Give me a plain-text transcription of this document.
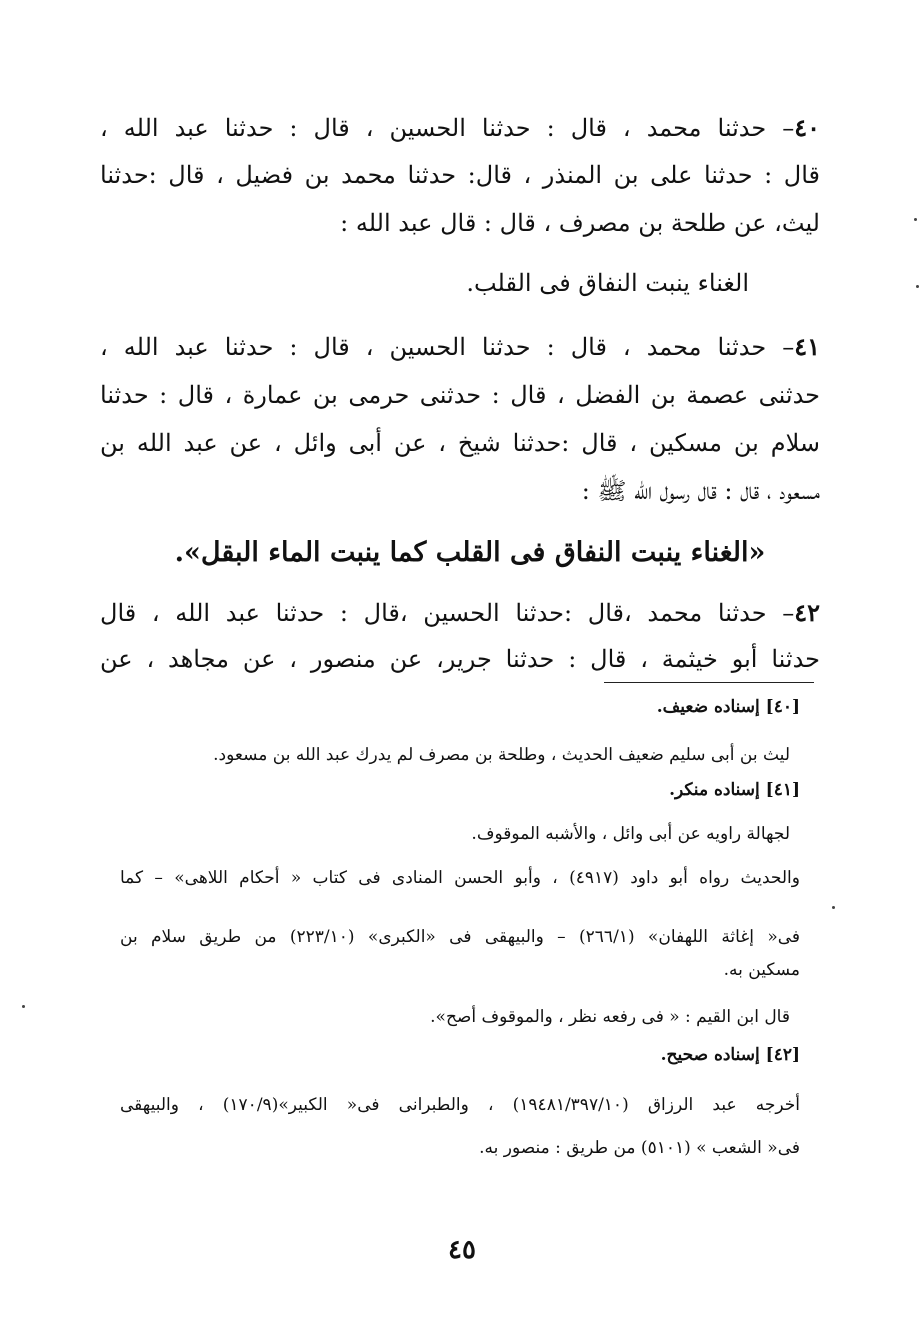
٤٠– حدثنا محمد ، قال : حدثنا الحسين ، قال : حدثنا عبد الله ،
قال : حدثنا على بن المنذر ، قال: حدثنا محمد بن فضيل ، قال :حدثنا
ليث، عن طلحة بن مصرف ، قال : قال عبد الله :
الغناء ينبت النفاق فى القلب.
٤١– حدثنا محمد ، قال : حدثنا الحسين ، قال : حدثنا عبد الله ،
حدثنى عصمة بن الفضل ، قال : حدثنى حرمى بن عمارة ، قال : حدثنا
سلام بن مسكين ، قال :حدثنا شيخ ، عن أبى وائل ، عن عبد الله بن
مسعود ، قال : قال رسول الله ﷺ :
«الغناء ينبت النفاق فى القلب كما ينبت الماء البقل».
٤٢– حدثنا محمد ،قال :حدثنا الحسين ،قال : حدثنا عبد الله ، قال
حدثنا أبو خيثمة ، قال : حدثنا جرير، عن منصور ، عن مجاهد ، عن
[٤٠] إسناده ضعيف.
ليث بن أبى سليم ضعيف الحديث ، وطلحة بن مصرف لم يدرك عبد الله بن مسعود.
[٤١] إسناده منكر.
لجهالة راويه عن أبى وائل ، والأشبه الموقوف.
والحديث رواه أبو داود (٤٩١٧) ، وأبو الحسن المنادى فى كتاب « أحكام اللاهى» – كما
فى« إغاثة اللهفان» (٢٦٦/١) – والبيهقى فى «الكبرى» (٢٢٣/١٠) من طريق سلام بن
مسكين به.
قال ابن القيم : « فى رفعه نظر ، والموقوف أصح».
[٤٢] إسناده صحيح.
أخرجه عبد الرزاق (١٩٤٨١/٣٩٧/١٠) ، والطبرانى فى« الكبير»(١٧٠/٩) ، والبيهقى
فى« الشعب » (٥١٠١) من طريق : منصور به.
٤٥
